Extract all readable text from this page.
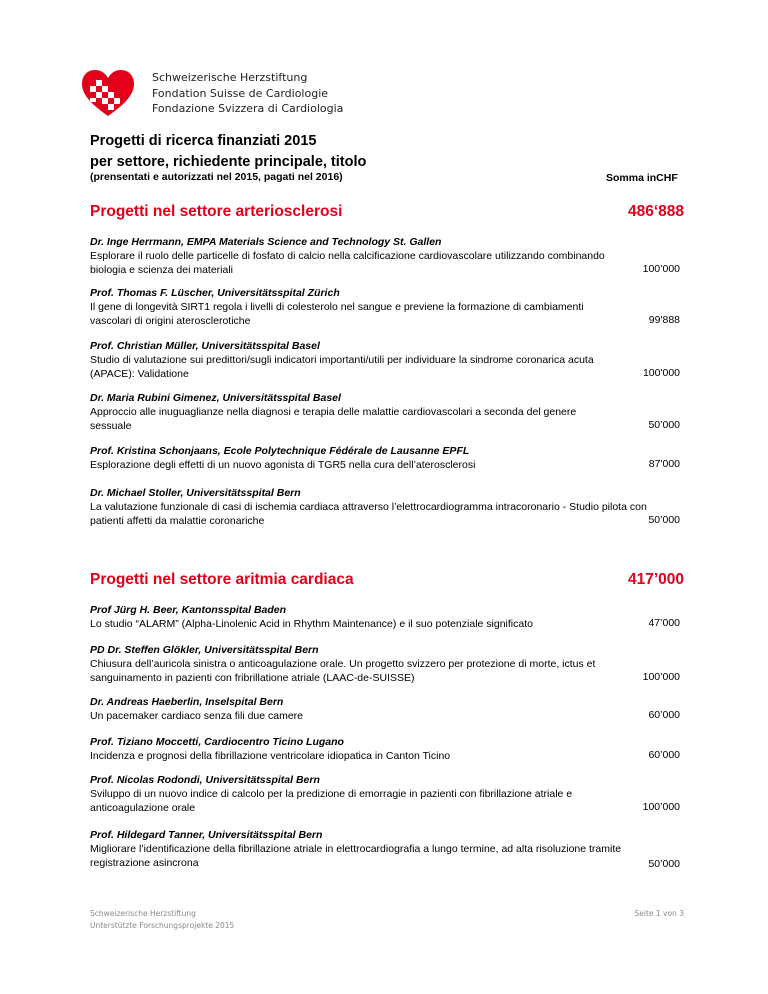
Schweizerische Herzstiftung
Fondation Suisse de Cardiologie
Fondazione Svizzera di Cardiologia
Progetti di ricerca finanziati 2015
per settore, richiedente principale, titolo
(prensentati e autorizzati nel 2015, pagati nel 2016)	Somma inCHF
Progetti nel settore arteriosclerosi	486‘888
Dr. Inge Herrmann, EMPA Materials Science and Technology St. Gallen
Esplorare il ruolo delle particelle di fosfato di calcio nella calcificazione cardiovascolare utilizzando combinando biologia e scienza dei materiali	100’000
Prof. Thomas F. Lüscher, Universitätsspital Zürich
Il gene di longevità SIRT1 regola i livelli di colesterolo nel sangue e previene la formazione di cambiamenti vascolari di origini aterosclerotiche	99'888
Prof. Christian Müller, Universitätsspital Basel
Studio di valutazione sui predittori/sugli indicatori importanti/utili per individuare la sindrome coronarica acuta (APACE): Validatione	100'000
Dr. Maria Rubini Gimenez, Universitätsspital Basel
Approccio alle inuguaglianze nella diagnosi e terapia delle malattie cardiovascolari a seconda del genere sessuale	50’000
Prof. Kristina Schonjaans, Ecole Polytechnique Fédérale de Lausanne EPFL
Esplorazione degli effetti di un nuovo agonista di TGR5 nella cura dell’aterosclerosi	87'000
Dr. Michael Stoller, Universitätsspital Bern
La valutazione funzionale di casi di ischemia cardiaca attraverso l’elettrocardiogramma intracoronario - Studio pilota con patienti affetti da malattie coronariche	50’000
Progetti nel settore aritmia cardiaca	417’000
Prof Jürg H. Beer, Kantonsspital Baden
Lo studio “ALARM” (Alpha-Linolenic Acid in Rhythm Maintenance) e il suo potenziale significato	47’000
PD Dr. Steffen Glökler, Universitätsspital Bern
Chiusura dell’auricola sinistra o anticoagulazione orale. Un progetto svizzero per protezione di morte, ictus et sanguinamento in pazienti con fribrillatione atriale (LAAC-de-SUISSE)	100’000
Dr. Andreas Haeberlin, Inselspital Bern
Un pacemaker cardiaco senza fili due camere	60’000
Prof. Tiziano Moccetti, Cardiocentro Ticino Lugano
Incidenza e prognosi della fibrillazione ventricolare idiopatica in Canton Ticino	60’000
Prof. Nicolas Rodondi, Universitätsspital Bern
Sviluppo di un nuovo indice di calcolo per la predizione di emorragie in pazienti con fibrillazione atriale e anticoagulazione orale	100’000
Prof. Hildegard Tanner, Universitätsspital Bern
Migliorare l’identificazione della fibrillazione atriale in elettrocardiografia a lungo termine, ad alta risoluzione tramite registrazione asincrona	50’000
Schweizerische Herzstiftung
Unterstützte Forschungsprojekte 2015
Seite 1 von 3
